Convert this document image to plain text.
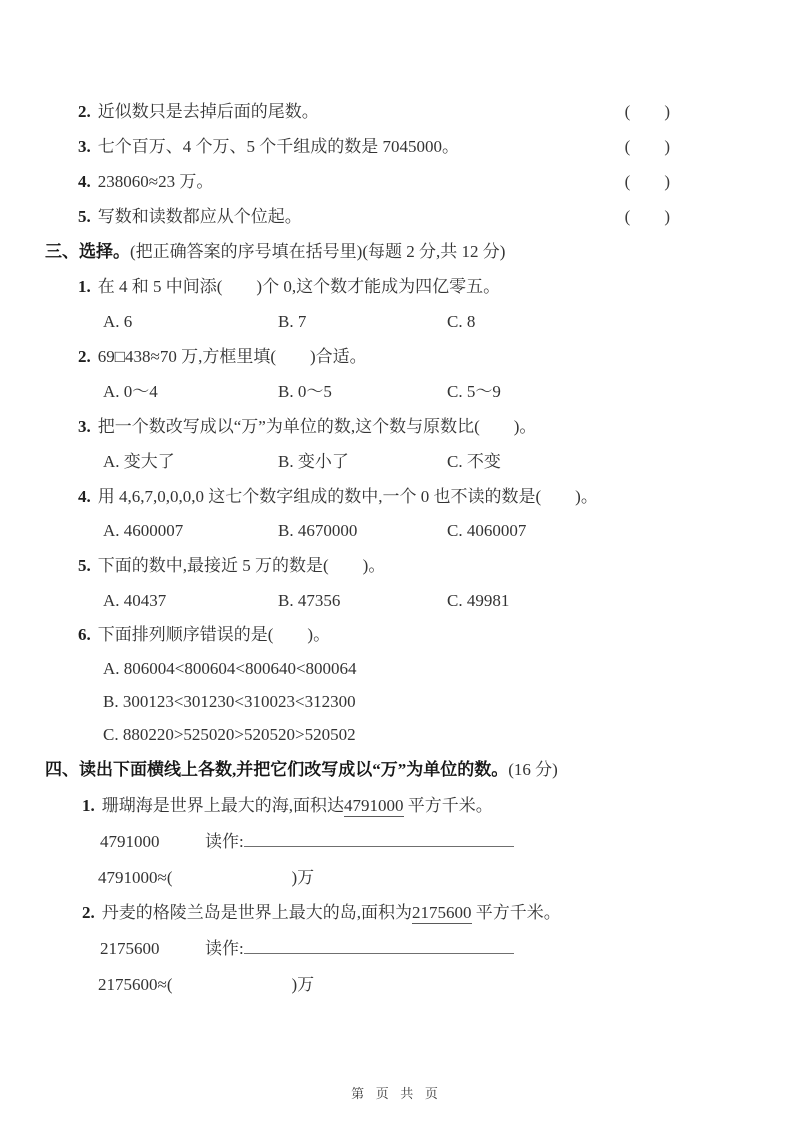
2. 近似数只是去掉后面的尾数。	(　　)
3. 七个百万、4 个万、5 个千组成的数是 7045000。	(　　)
4. 238060≈23 万。	(　　)
5. 写数和读数都应从个位起。	(　　)
三、选择。(把正确答案的序号填在括号里)(每题 2 分,共 12 分)
1. 在 4 和 5 中间添(　　)个 0,这个数才能成为四亿零五。
A. 6	B. 7	C. 8
2. 69□438≈70 万,方框里填(　　)合适。
A. 0～4	B. 0～5	C. 5～9
3. 把一个数改写成以“万”为单位的数,这个数与原数比(　　)。
A. 变大了	B. 变小了	C. 不变
4. 用 4,6,7,0,0,0,0 这七个数字组成的数中,一个 0 也不读的数是(　　)。
A. 4600007	B. 4670000	C. 4060007
5. 下面的数中,最接近 5 万的数是(　　)。
A. 40437	B. 47356	C. 49981
6. 下面排列顺序错误的是(　　)。
A. 806004<800604<800640<800064
B. 300123<301230<310023<312300
C. 880220>525020>520520>520502
四、读出下面横线上各数,并把它们改写成以“万”为单位的数。(16 分)
1. 珊瑚海是世界上最大的海,面积达4791000 平方千米。
4791000	读作:
4791000≈(　　　　　　　)万
2. 丹麦的格陵兰岛是世界上最大的岛,面积为2175600 平方千米。
2175600	读作:
2175600≈(　　　　　　　)万
第 页 共 页
